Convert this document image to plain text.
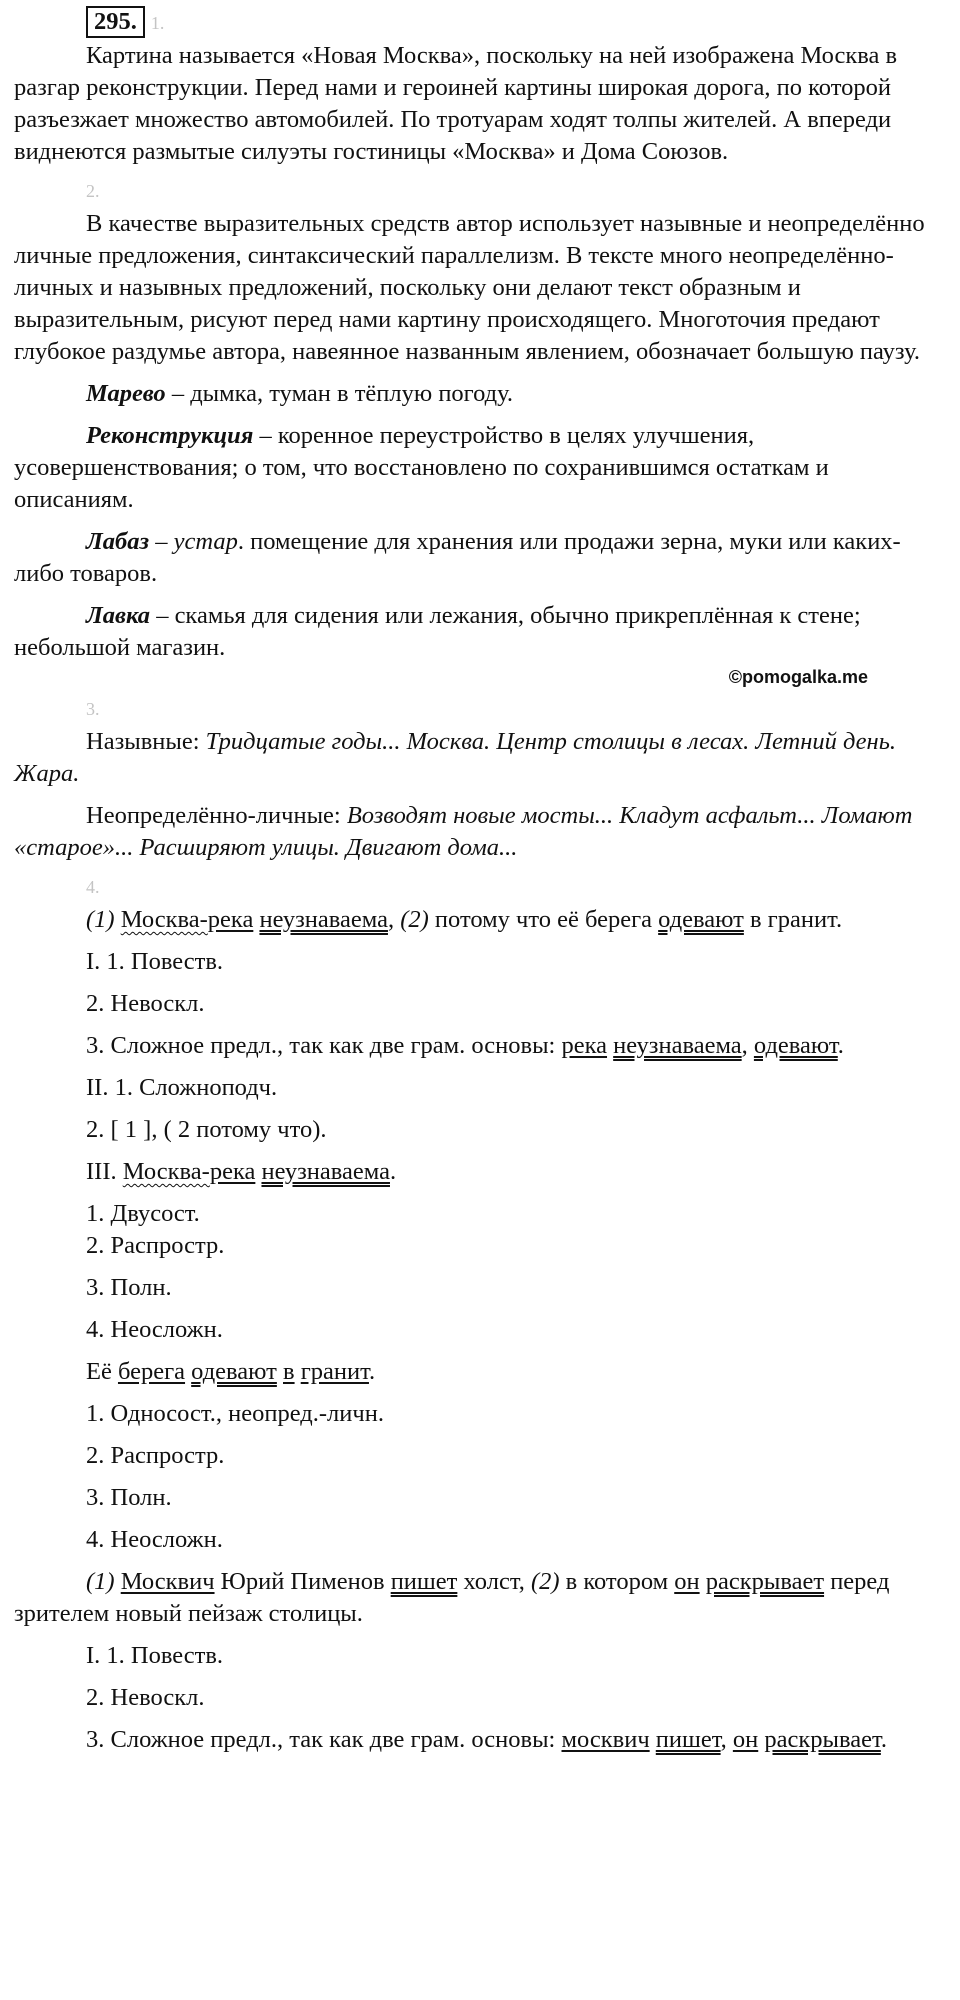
295. 1.

Картина называется «Новая Москва», поскольку на ней изображена Москва в разгар реконструкции. Перед нами и героиней картины широкая дорога, по которой разъезжает множество автомобилей. По тротуарам ходят толпы жителей. А впереди виднеются размытые силуэты гостиницы «Москва» и Дома Союзов.

2.

В качестве выразительных средств автор использует назывные и неопределённо личные предложения, синтаксический параллелизм. В тексте много неопределённо-личных и назывных предложений, поскольку они делают текст образным и выразительным, рисуют перед нами картину происходящего. Многоточия предают глубокое раздумье автора, навеянное названным явлением, обозначает большую паузу.

Марево – дымка, туман в тёплую погоду.

Реконструкция – коренное переустройство в целях улучшения, усовершенствования; о том, что восстановлено по сохранившимся остаткам и описаниям.

Лабаз – устар. помещение для хранения или продажи зерна, муки или каких-либо товаров.

Лавка – скамья для сидения или лежания, обычно прикреплённая к стене; небольшой магазин.

©pomogalka.me
3.

Назывные: Тридцатые годы... Москва. Центр столицы в лесах. Летний день. Жара.

Неопределённо-личные: Возводят новые мосты... Кладут асфальт... Ломают «старое»... Расширяют улицы. Двигают дома...

4.

(1) Москва-река неузнаваема, (2) потому что её берега одевают в гранит.

I. 1. Повеств.

2. Невоскл.

3. Сложное предл., так как две грам. основы: река неузнаваема, одевают.

II. 1. Сложноподч.

2. [ 1 ], ( 2 потому что).

III. Москва-река неузнаваема.

1. Двусост.

2. Распростр.

3. Полн.

4. Неосложн.

Её берега одевают в гранит.

1. Односост., неопред.-личн.

2. Распростр.

3. Полн.

4. Неосложн.

(1) Москвич Юрий Пименов пишет холст, (2) в котором он раскрывает перед зрителем новый пейзаж столицы.

I. 1. Повеств.

2. Невоскл.

3. Сложное предл., так как две грам. основы: москвич пишет, он раскрывает.
